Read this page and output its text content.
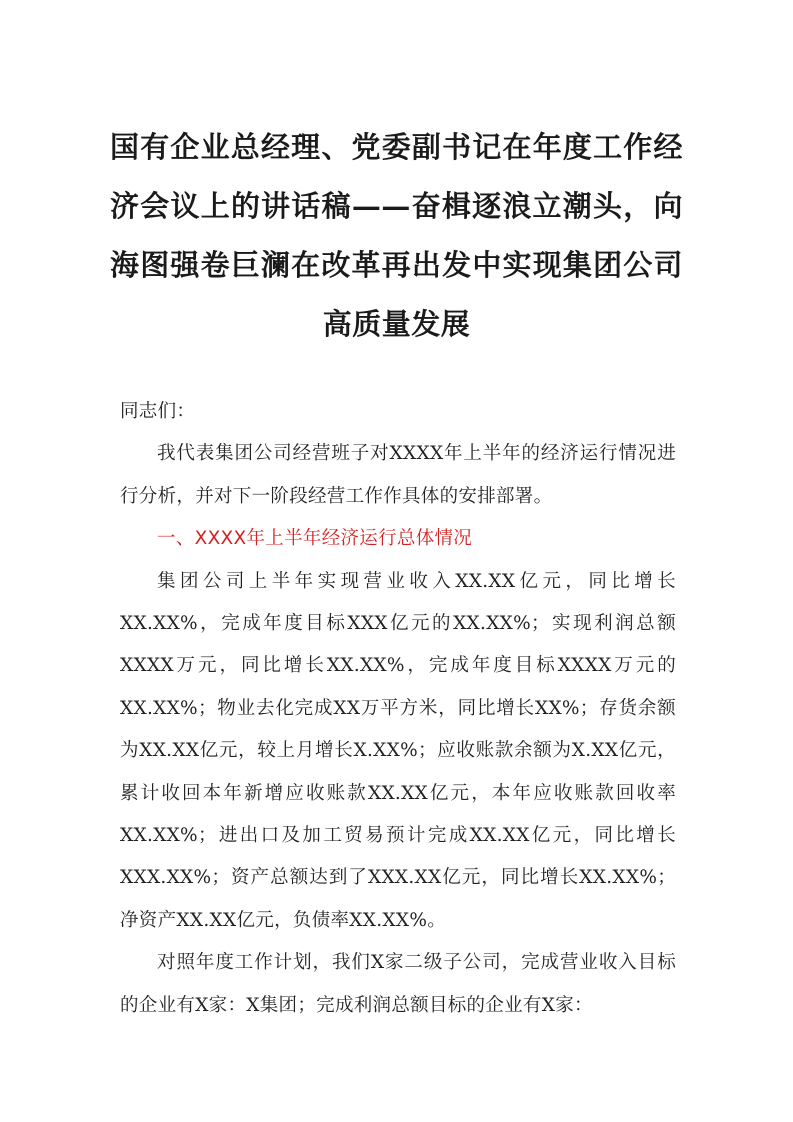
国有企业总经理、党委副书记在年度工作经济会议上的讲话稿——奋楫逐浪立潮头，向海图强卷巨澜在改革再出发中实现集团公司高质量发展

同志们：

我代表集团公司经营班子对XXXX年上半年的经济运行情况进行分析，并对下一阶段经营工作作具体的安排部署。

一、XXXX年上半年经济运行总体情况

集团公司上半年实现营业收入XX.XX亿元，同比增长XX.XX%，完成年度目标XXX亿元的XX.XX%；实现利润总额XXXX万元，同比增长XX.XX%，完成年度目标XXXX万元的XX.XX%；物业去化完成XX万平方米，同比增长XX%；存货余额为XX.XX亿元，较上月增长X.XX%；应收账款余额为X.XX亿元，累计收回本年新增应收账款XX.XX亿元，本年应收账款回收率XX.XX%；进出口及加工贸易预计完成XX.XX亿元，同比增长XXX.XX%；资产总额达到了XXX.XX亿元，同比增长XX.XX%；净资产XX.XX亿元，负债率XX.XX%。

对照年度工作计划，我们X家二级子公司，完成营业收入目标的企业有X家：X集团；完成利润总额目标的企业有X家：
